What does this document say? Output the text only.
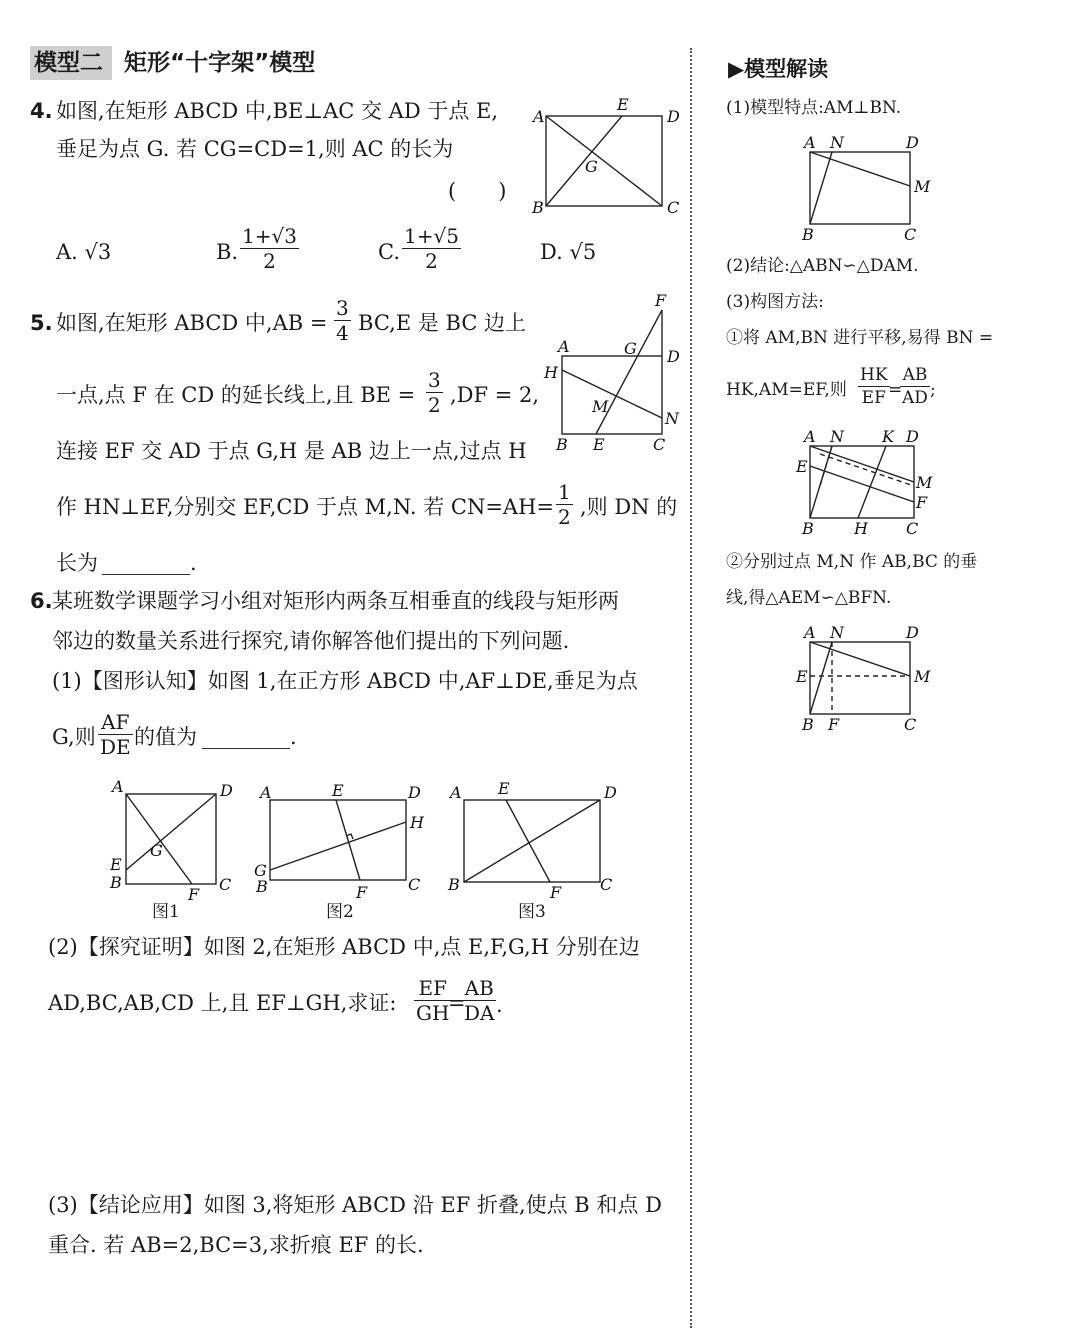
模型二 矩形“十字架”模型
4. 如图,在矩形 ABCD 中,BE⊥AC 交 AD 于点 E,
垂足为点 G. 若 CG=CD=1,则 AC 的长为
(　　)
A
E
D
G
B	C
A. √3	B. $\frac{1+√3}{2}$	C. $\frac{1+√5}{2}$	D. √5
5. 如图,在矩形 ABCD 中$,AB = \frac{3}{4} BC,E$ 是 BC 边上
一点,点 F 在 CD 的延长线上,且 BE = $\frac{3}{2} ,DF = 2$,
连接 EF 交 AD 于点 G,H 是 AB 边上一点,过点 H
作 HN⊥EF,分别交 EF,CD 于点 M,N. 若 $CN=AH= \frac{1}{2}$ ,则 DN 的
长为	.
F
A	G D
H
M
N
B E	C
6. 某班数学课题学习小组对矩形内两条互相垂直的线段与矩形两
邻边的数量关系进行探究,请你解答他们提出的下列问题.
(1)【图形认知】如图 1,在正方形 ABCD 中,AF⊥DE,垂足为点
G,则 $\frac{AF}{DE}$ 的值为	.
A	D
G
E
B
F
C
图1
A	E	D
H
G
B	F	C
图2
A E	D
B	F C
图3
(2)【探究证明】如图 2,在矩形 ABCD 中,点 E,F,G,H 分别在边
AD,BC,AB,CD 上,且 EF⊥GH,求证: $\frac{EF}{GH}$
=
$\frac{AB}{DA}$ .
(3)【结论应用】如图 3,将矩形 ABCD 沿 EF 折叠,使点 B 和点 D
重合. 若 AB=2,BC=3,求折痕 EF 的长.
▶模型解读
(1)模型特点:AM⊥BN.
A N	D
M
B	C
(2)结论:△ABN∽△DAM.
(3)构图方法:
①将 AM,BN 进行平移,易得 BN =
HK,AM=EF,则 $\frac{HK}{EF}$
=
$\frac{AB}{AD}$ ;
A N K D
E
M
F
B	H C
②分别过点 M,N 作 AB,BC 的垂
线,得△AEM∽△BFN.
A N	D
E	M
B F	C
